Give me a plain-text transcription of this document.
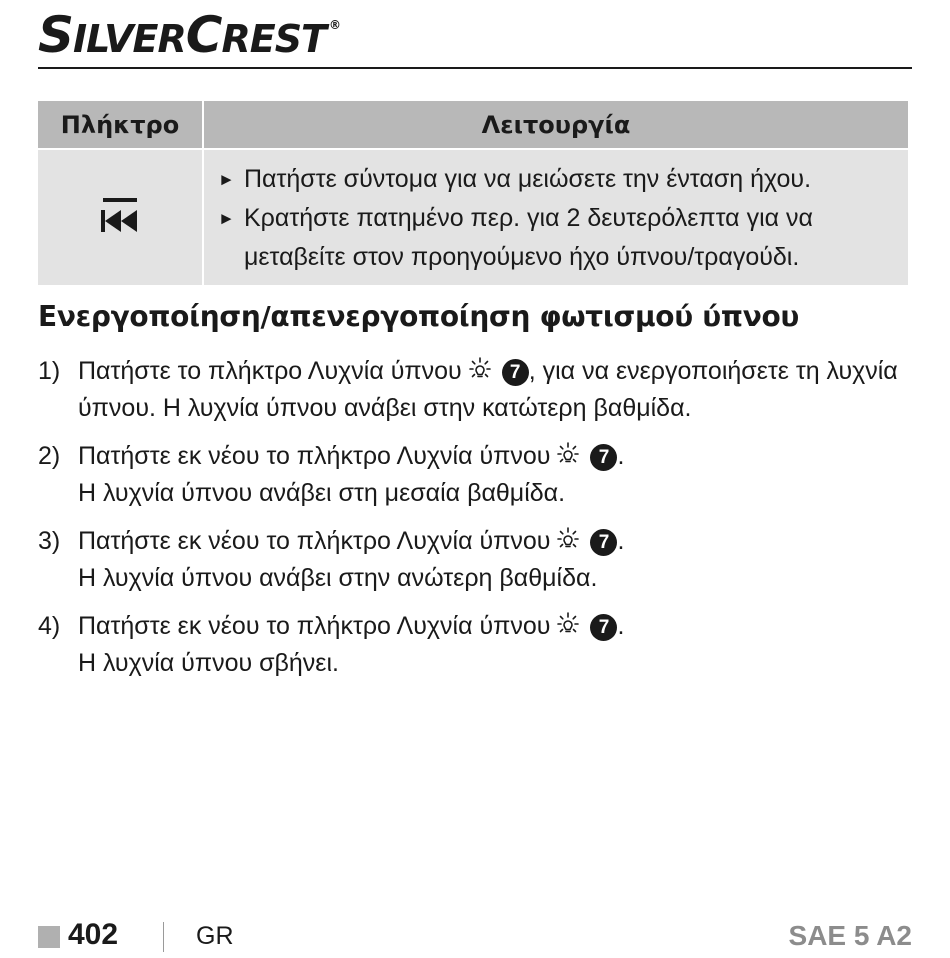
SILVERCREST ®
Πλήκτρο	Λειτουργία

► Πατήστε σύντομα για να μειώσετε την ένταση ήχου.
► Κρατήστε πατημένο περ. για 2 δευτερόλεπτα για να μεταβείτε στον προηγούμενο ήχο ύπνου/τραγούδι.
Ενεργοποίηση/απενεργοποίηση φωτισμού ύπνου
1) Πατήστε το πλήκτρο Λυχνία ύπνου	7 , για να ενεργοποιήσετε τη λυχνία ύπνου. Η λυχνία ύπνου ανάβει στην κατώτερη βαθμίδα.
2) Πατήστε εκ νέου το πλήκτρο Λυχνία ύπνου	7 .
Η λυχνία ύπνου ανάβει στη μεσαία βαθμίδα.
3) Πατήστε εκ νέου το πλήκτρο Λυχνία ύπνου	7 .
Η λυχνία ύπνου ανάβει στην ανώτερη βαθμίδα.
4) Πατήστε εκ νέου το πλήκτρο Λυχνία ύπνου	7 .
Η λυχνία ύπνου σβήνει.
402	GR	SAE 5 A2
